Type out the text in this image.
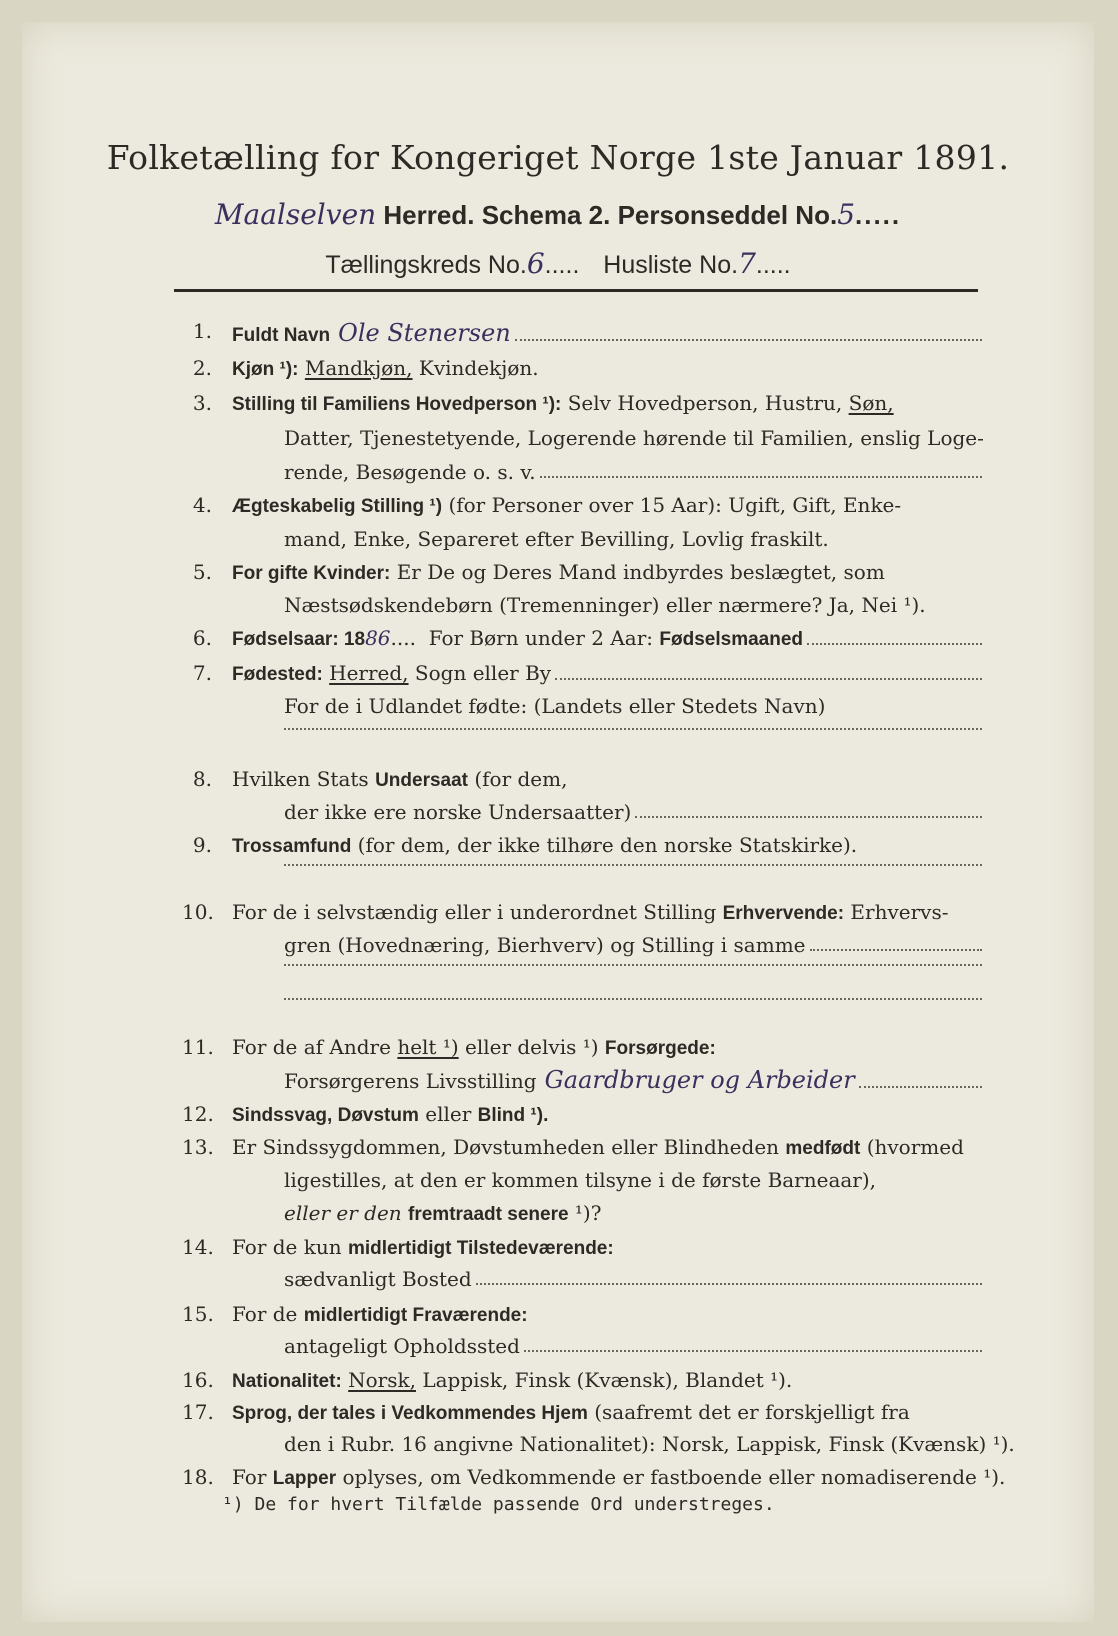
Folketælling for Kongeriget Norge 1ste Januar 1891.
Maalselven Herred. Schema 2. Personseddel No.5.....
Tællingskreds No.6..... Husliste No.7.....
1. Fuldt Navn Ole Stenersen
2. Kjøn ¹):
Mandkjøn,
Kvindekjøn.
3. Stilling til Familiens Hovedperson ¹):
Selv Hovedperson, Hustru,
Søn,
Datter, Tjenestetyende, Logerende hørende til Familien, enslig Loge-
rende, Besøgende o. s. v.
4. Ægteskabelig Stilling ¹)
(for Personer over 15 Aar): Ugift, Gift, Enke-
mand, Enke, Separeret efter Bevilling, Lovlig fraskilt.
5. For gifte Kvinder:
Er De og Deres Mand indbyrdes beslægtet, som
Næstsødskendebørn (Tremenninger) eller nærmere? Ja, Nei ¹).
6. Fødselsaar: 18 86 .... For Børn under 2 Aar:
Fødselsmaaned
7. Fødested:
Herred,
Sogn eller By
For de i Udlandet fødte: (Landets eller Stedets Navn)
8. Hvilken Stats
Undersaat
(for dem,
der ikke ere norske Undersaatter)
9. Trossamfund
(for dem, der ikke tilhøre den norske Statskirke).
10. For de i selvstændig eller i underordnet Stilling
Erhvervende:
Erhvervs-
gren (Hovednæring, Bierhverv) og Stilling i samme
11. For de af Andre
helt ¹)
eller delvis ¹)
Forsørgede:
Forsørgerens Livsstilling Gaardbruger og Arbeider
12. Sindssvag, Døvstum
eller
Blind ¹).
13. Er Sindssygdommen, Døvstumheden eller Blindheden
medfødt
(hvormed
ligestilles, at den er kommen tilsyne i de første Barneaar),
eller er den
fremtraadt senere
¹)?
14. For de kun
midlertidigt Tilstedeværende:
sædvanligt Bosted
15. For de
midlertidigt Fraværende:
antageligt Opholdssted
16. Nationalitet:
Norsk,
Lappisk, Finsk (Kvænsk), Blandet ¹).
17. Sprog, der tales i Vedkommendes Hjem
(saafremt det er forskjelligt fra
den i Rubr. 16 angivne Nationalitet): Norsk, Lappisk, Finsk (Kvænsk) ¹).
18. For
Lapper
oplyses, om Vedkommende er fastboende eller nomadiserende ¹).
¹) De for hvert Tilfælde passende Ord understreges.
